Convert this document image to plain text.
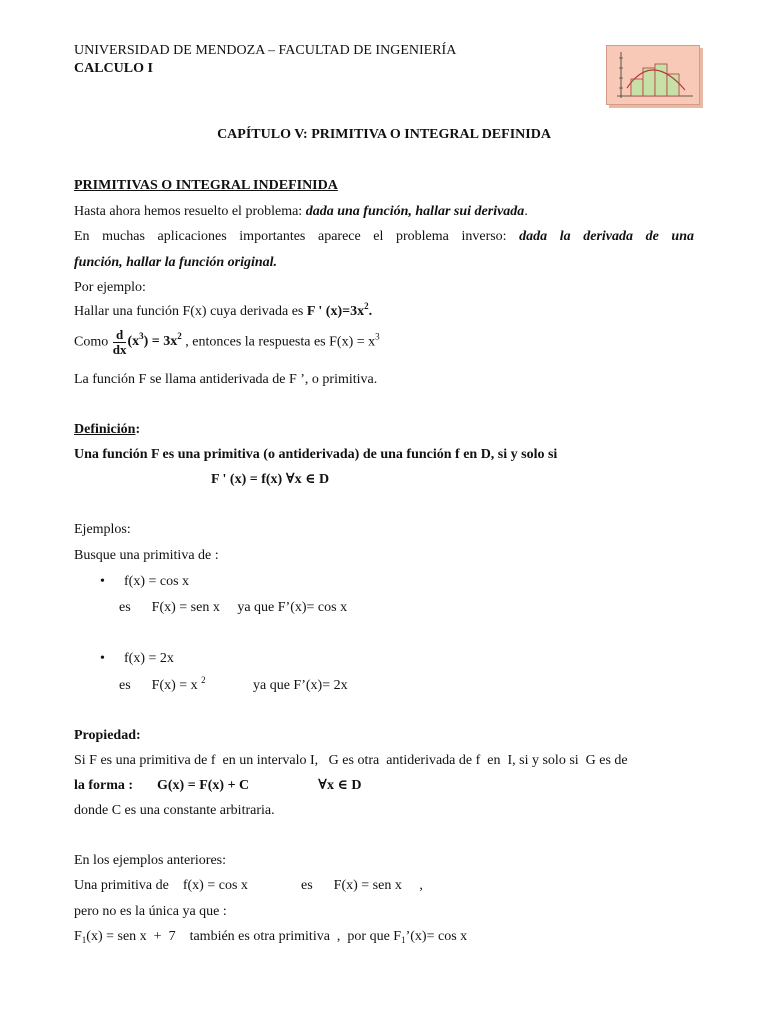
UNIVERSIDAD DE MENDOZA – FACULTAD DE INGENIERÍA
CALCULO I
CAPÍTULO V: PRIMITIVA O INTEGRAL DEFINIDA
PRIMITIVAS O INTEGRAL INDEFINIDA
Hasta ahora hemos resuelto el problema: dada una función, hallar sui derivada.
En muchas aplicaciones importantes aparece el problema inverso: dada la derivada de una
función, hallar la función original.
Por ejemplo:
Hallar una función F(x) cuya derivada es F ' $(x)=3x^2$.
Como $\frac{d}{dx} (x^3) = 3x^2$ , entonces la respuesta es $F(x) = x^3$
La función F se llama antiderivada de F ’, o primitiva.
Definición:
Una función F es una primitiva (o antiderivada) de una función f en D, si y solo si
F ' (x) = f(x) ∀x ∈ D
Ejemplos:
Busque una primitiva de :
• f(x) = cos x
es      F(x) = sen x     ya que F’(x)= cos x
• f(x) = 2x
es      F(x) = x $^2$	ya que F’(x)= 2x
Propiedad:
Si F es una primitiva de f  en un intervalo I,   G es otra  antiderivada de f  en  I, si y solo si  G es de
la forma : G(x) = F(x) + C	∀x ∈ D
donde C es una constante arbitraria.
En los ejemplos anteriores:
Una primitiva de    f(x) = cos x	es      F(x) = sen x     ,
pero no es la única ya que :
$F_1(x)$ = sen x  +  7    también es otra primitiva  ,  por que $F_1’(x)= \cos x$
